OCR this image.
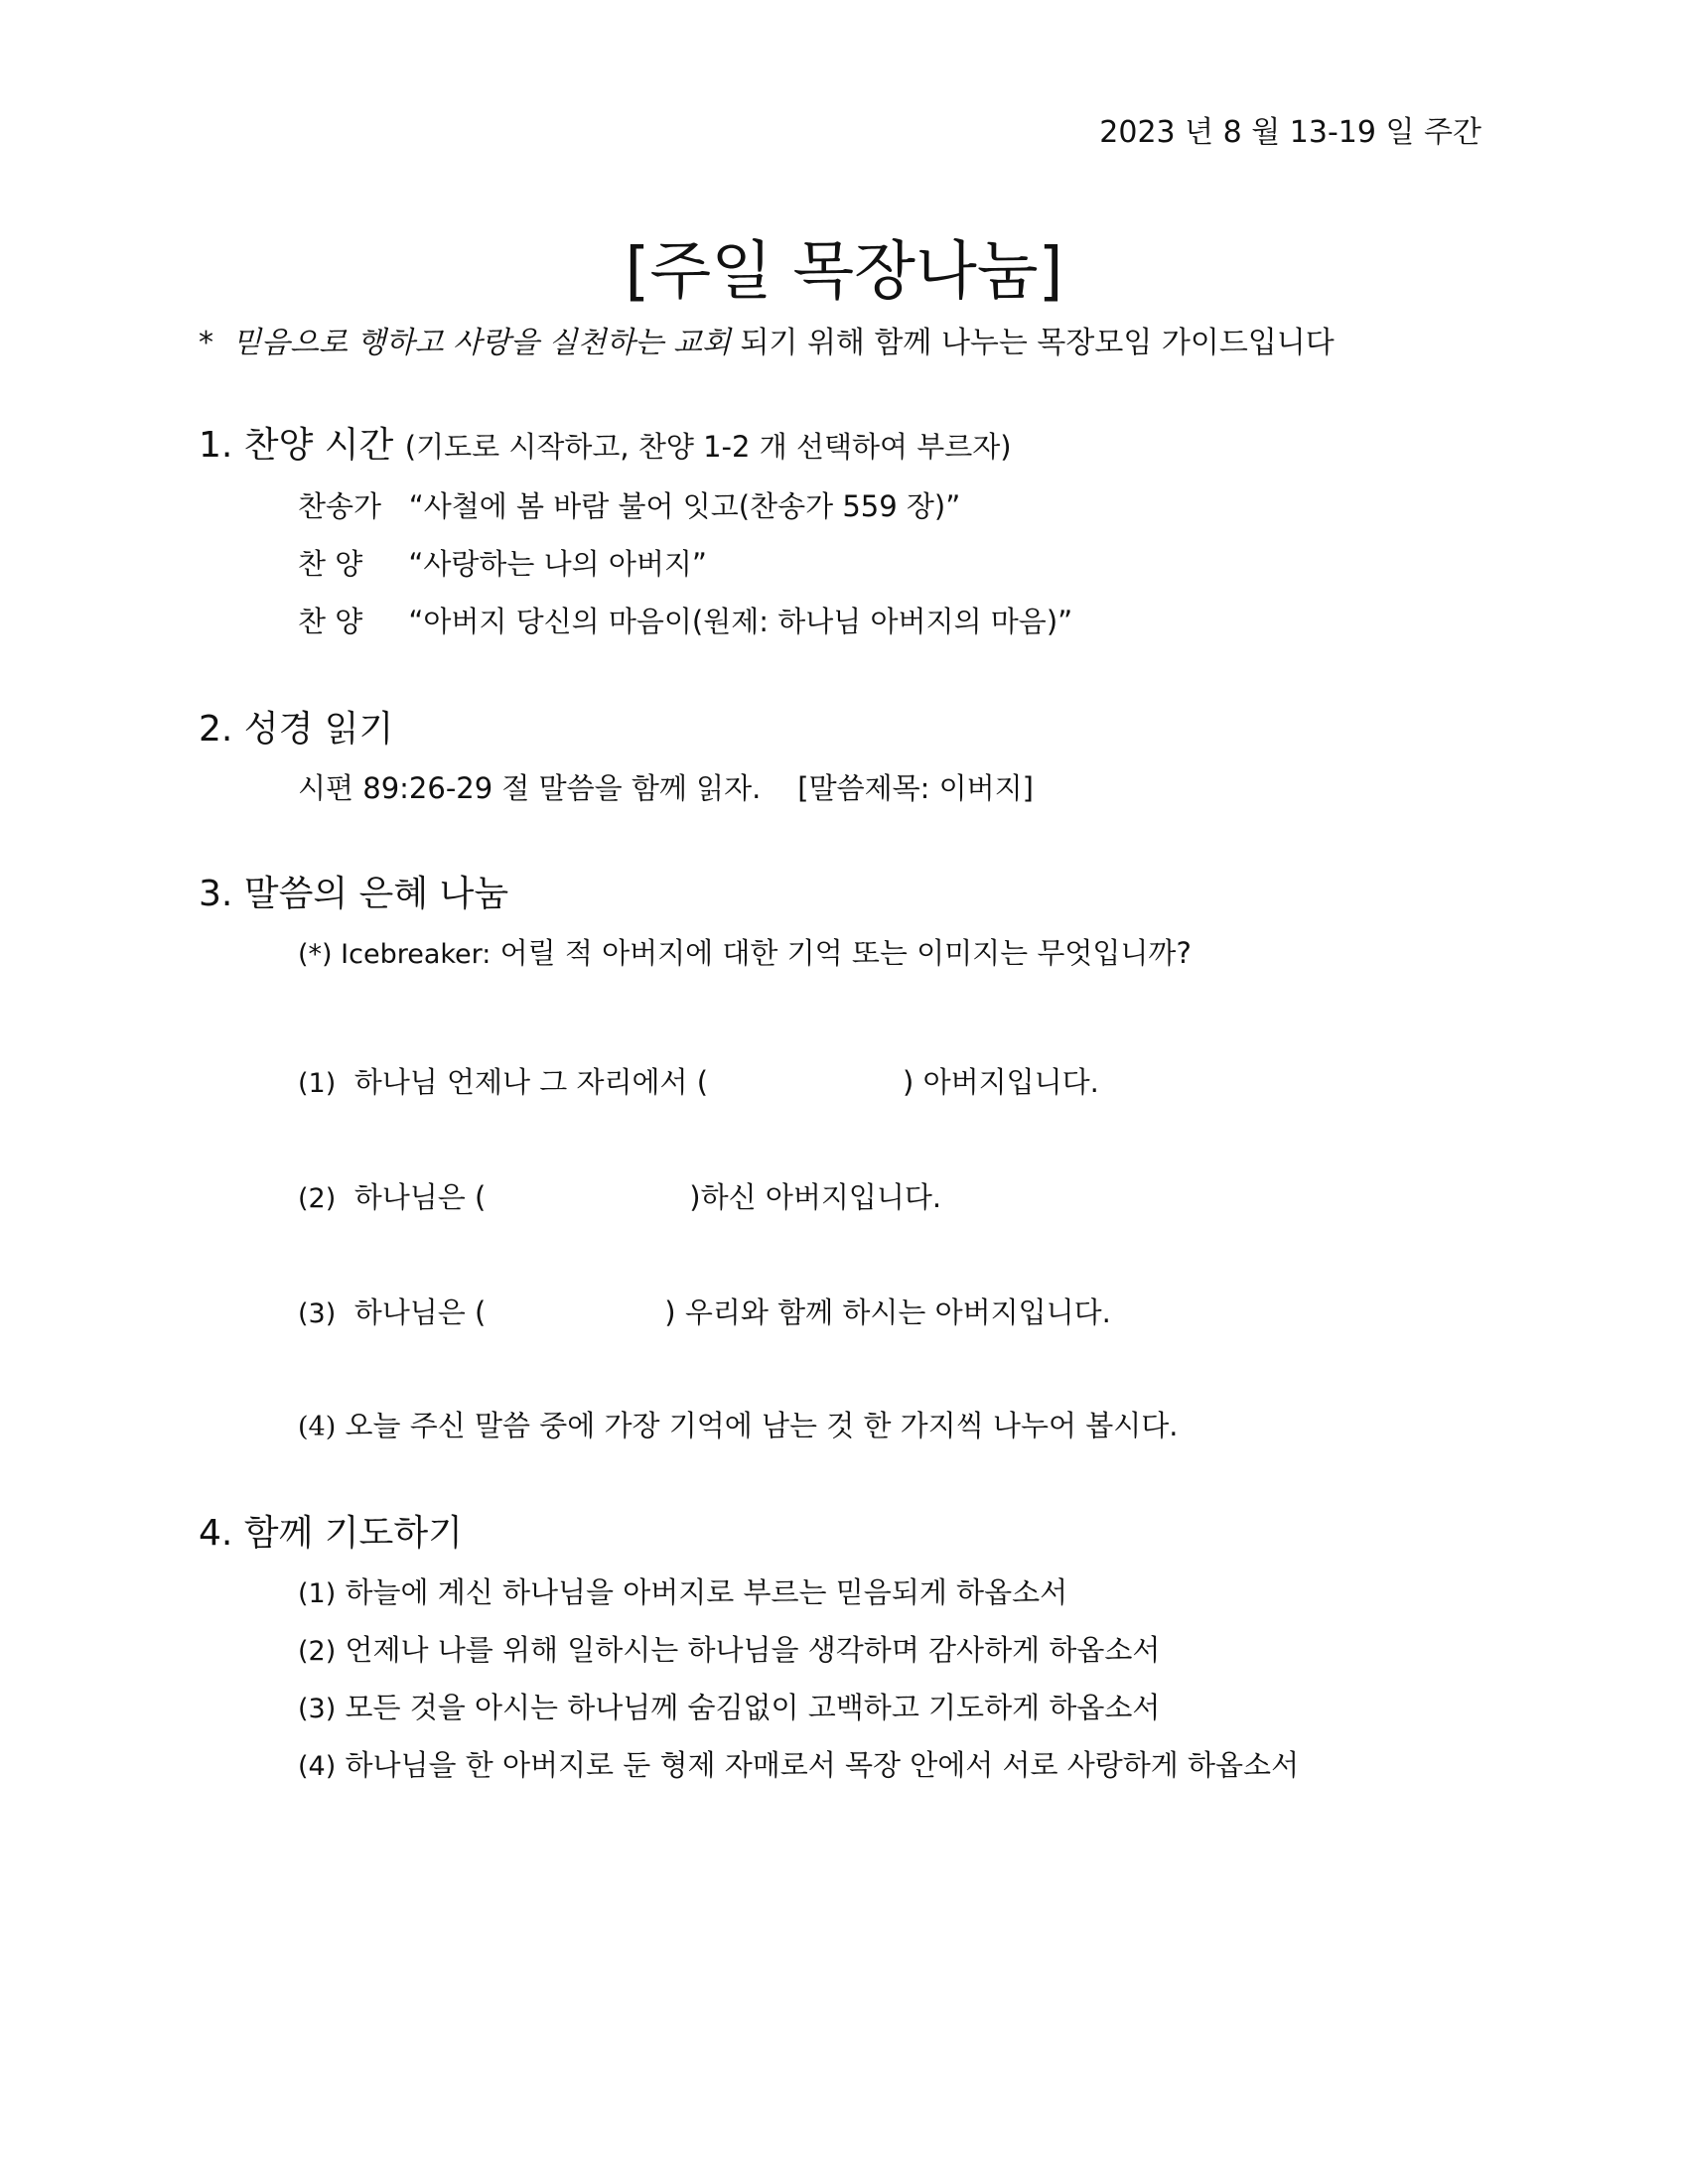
2023 년 8 월 13-19 일 주간
[주일 목장나눔]
* 믿음으로 행하고 사랑을 실천하는 교회 되기 위해 함께 나누는 목장모임 가이드입니다
1. 찬양 시간 (기도로 시작하고, 찬양 1-2 개 선택하여 부르자)
찬송가 “사철에 봄 바람 불어 잇고(찬송가 559 장)”
찬 양 “사랑하는 나의 아버지”
찬 양 “아버지 당신의 마음이(원제: 하나님 아버지의 마음)”
2. 성경 읽기
시편 89:26-29 절 말씀을 함께 읽자. [말씀제목: 이버지]
3. 말씀의 은혜 나눔
(*) Icebreaker: 어릴 적 아버지에 대한 기억 또는 이미지는 무엇입니까?
(1) 하나님 언제나 그 자리에서 (	) 아버지입니다.
(2) 하나님은 (	)하신 아버지입니다.
(3) 하나님은 (	) 우리와 함께 하시는 아버지입니다.
(4) 오늘 주신 말씀 중에 가장 기억에 남는 것 한 가지씩 나누어 봅시다.
4. 함께 기도하기
(1) 하늘에 계신 하나님을 아버지로 부르는 믿음되게 하옵소서
(2) 언제나 나를 위해 일하시는 하나님을 생각하며 감사하게 하옵소서
(3) 모든 것을 아시는 하나님께 숨김없이 고백하고 기도하게 하옵소서
(4) 하나님을 한 아버지로 둔 형제 자매로서 목장 안에서 서로 사랑하게 하옵소서
